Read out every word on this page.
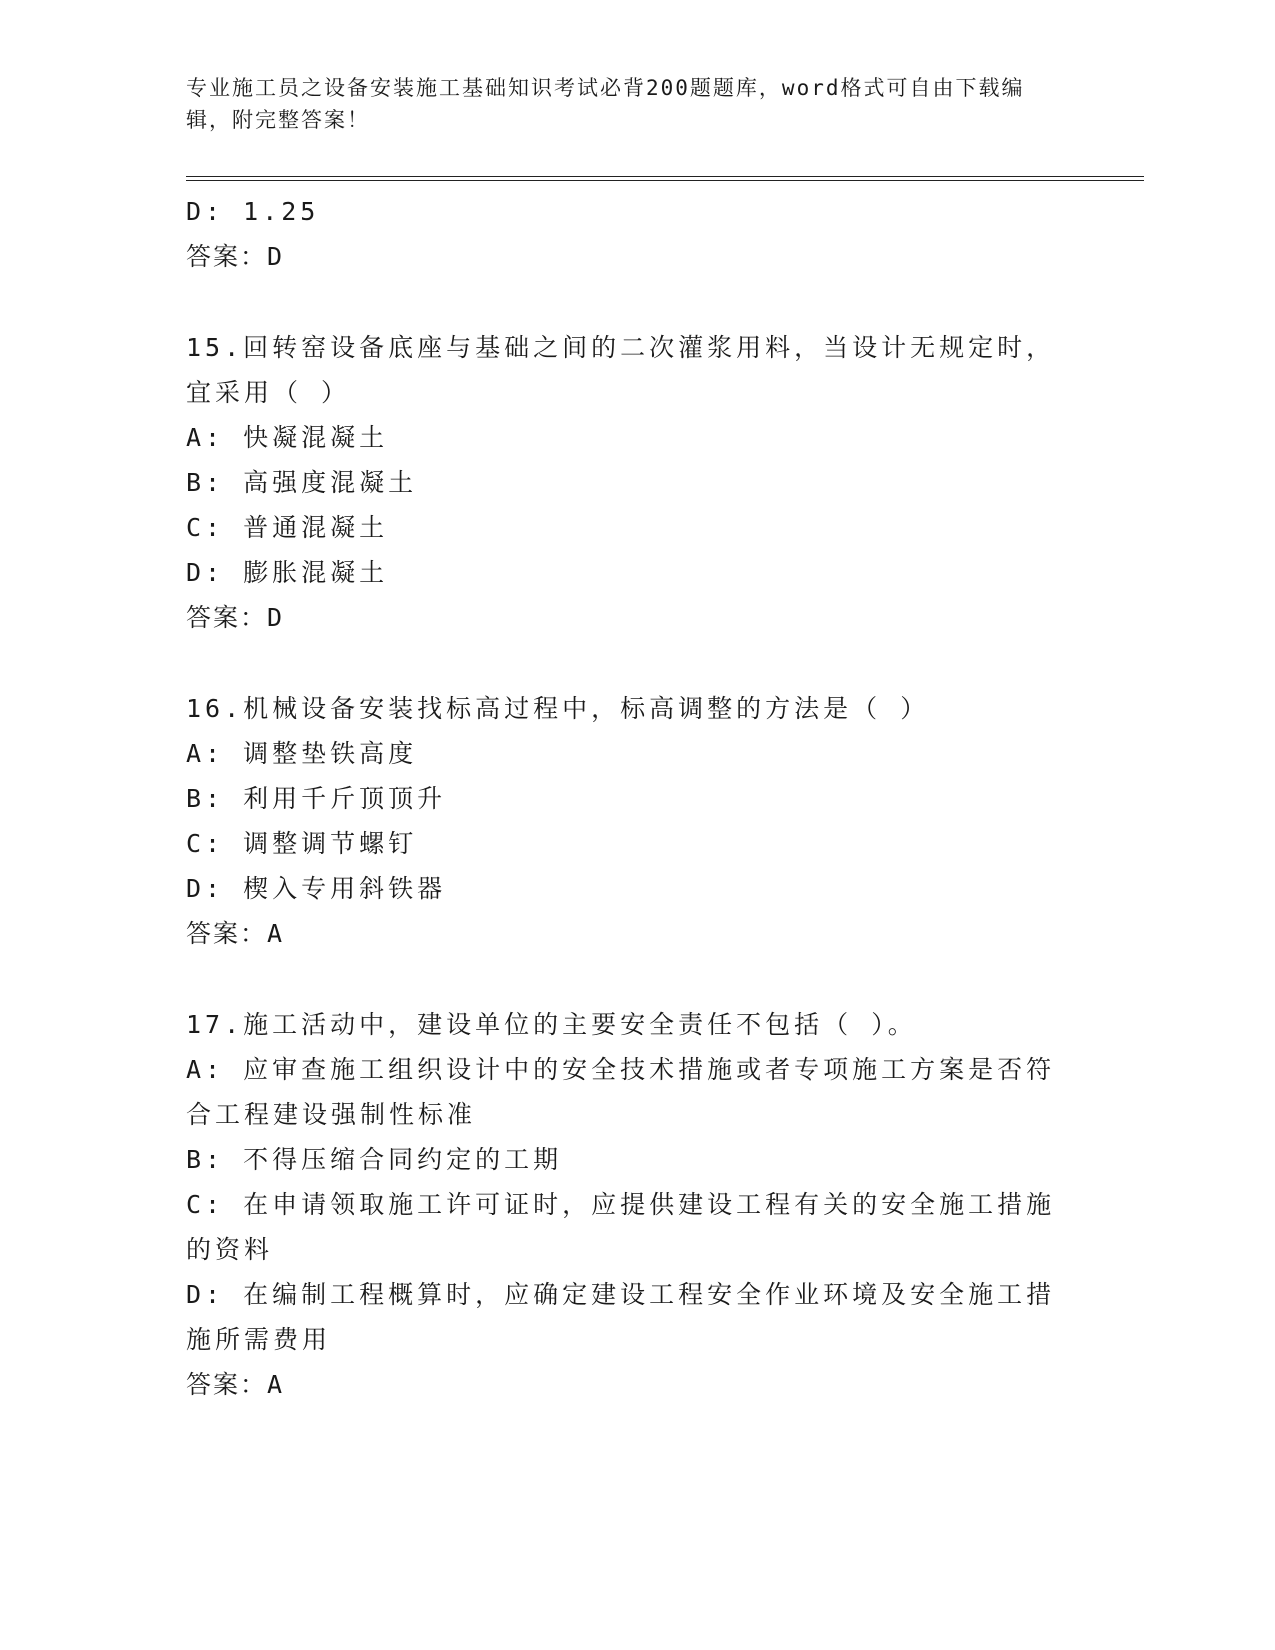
专业施工员之设备安装施工基础知识考试必背200题题库，word格式可自由下载编辑，附完整答案！
D: 1.25
答案：D
15.回转窑设备底座与基础之间的二次灌浆用料，当设计无规定时，宜采用（ ）
A: 快凝混凝土
B: 高强度混凝土
C: 普通混凝土
D: 膨胀混凝土
答案：D
16.机械设备安装找标高过程中，标高调整的方法是（ ）
A: 调整垫铁高度
B: 利用千斤顶顶升
C: 调整调节螺钉
D: 楔入专用斜铁器
答案：A
17.施工活动中，建设单位的主要安全责任不包括（ ）。
A: 应审查施工组织设计中的安全技术措施或者专项施工方案是否符合工程建设强制性标准
B: 不得压缩合同约定的工期
C: 在申请领取施工许可证时，应提供建设工程有关的安全施工措施的资料
D: 在编制工程概算时，应确定建设工程安全作业环境及安全施工措施所需费用
答案：A
